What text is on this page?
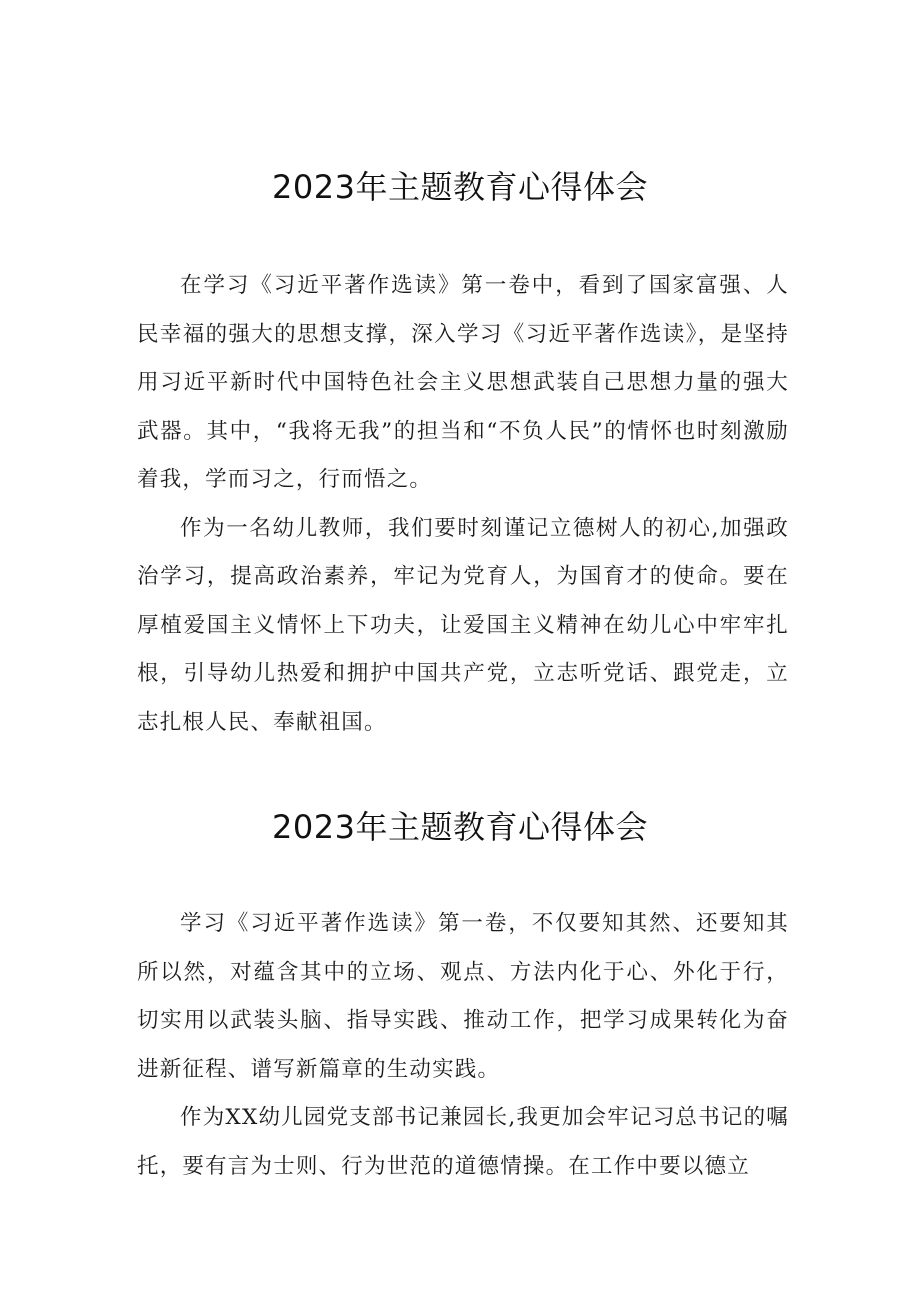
2023年主题教育心得体会

在学习《习近平著作选读》第一卷中，看到了国家富强、人民幸福的强大的思想支撑，深入学习《习近平著作选读》，是坚持用习近平新时代中国特色社会主义思想武装自己思想力量的强大武器。其中，“我将无我”的担当和“不负人民”的情怀也时刻激励着我，学而习之，行而悟之。

作为一名幼儿教师，我们要时刻谨记立德树人的初心,加强政治学习，提高政治素养，牢记为党育人，为国育才的使命。要在厚植爱国主义情怀上下功夫，让爱国主义精神在幼儿心中牢牢扎根，引导幼儿热爱和拥护中国共产党，立志听党话、跟党走，立志扎根人民、奉献祖国。

2023年主题教育心得体会

学习《习近平著作选读》第一卷，不仅要知其然、还要知其所以然，对蕴含其中的立场、观点、方法内化于心、外化于行，切实用以武装头脑、指导实践、推动工作，把学习成果转化为奋进新征程、谱写新篇章的生动实践。

作为XX幼儿园党支部书记兼园长,我更加会牢记习总书记的嘱托，要有言为士则、行为世范的道德情操。在工作中要以德立
